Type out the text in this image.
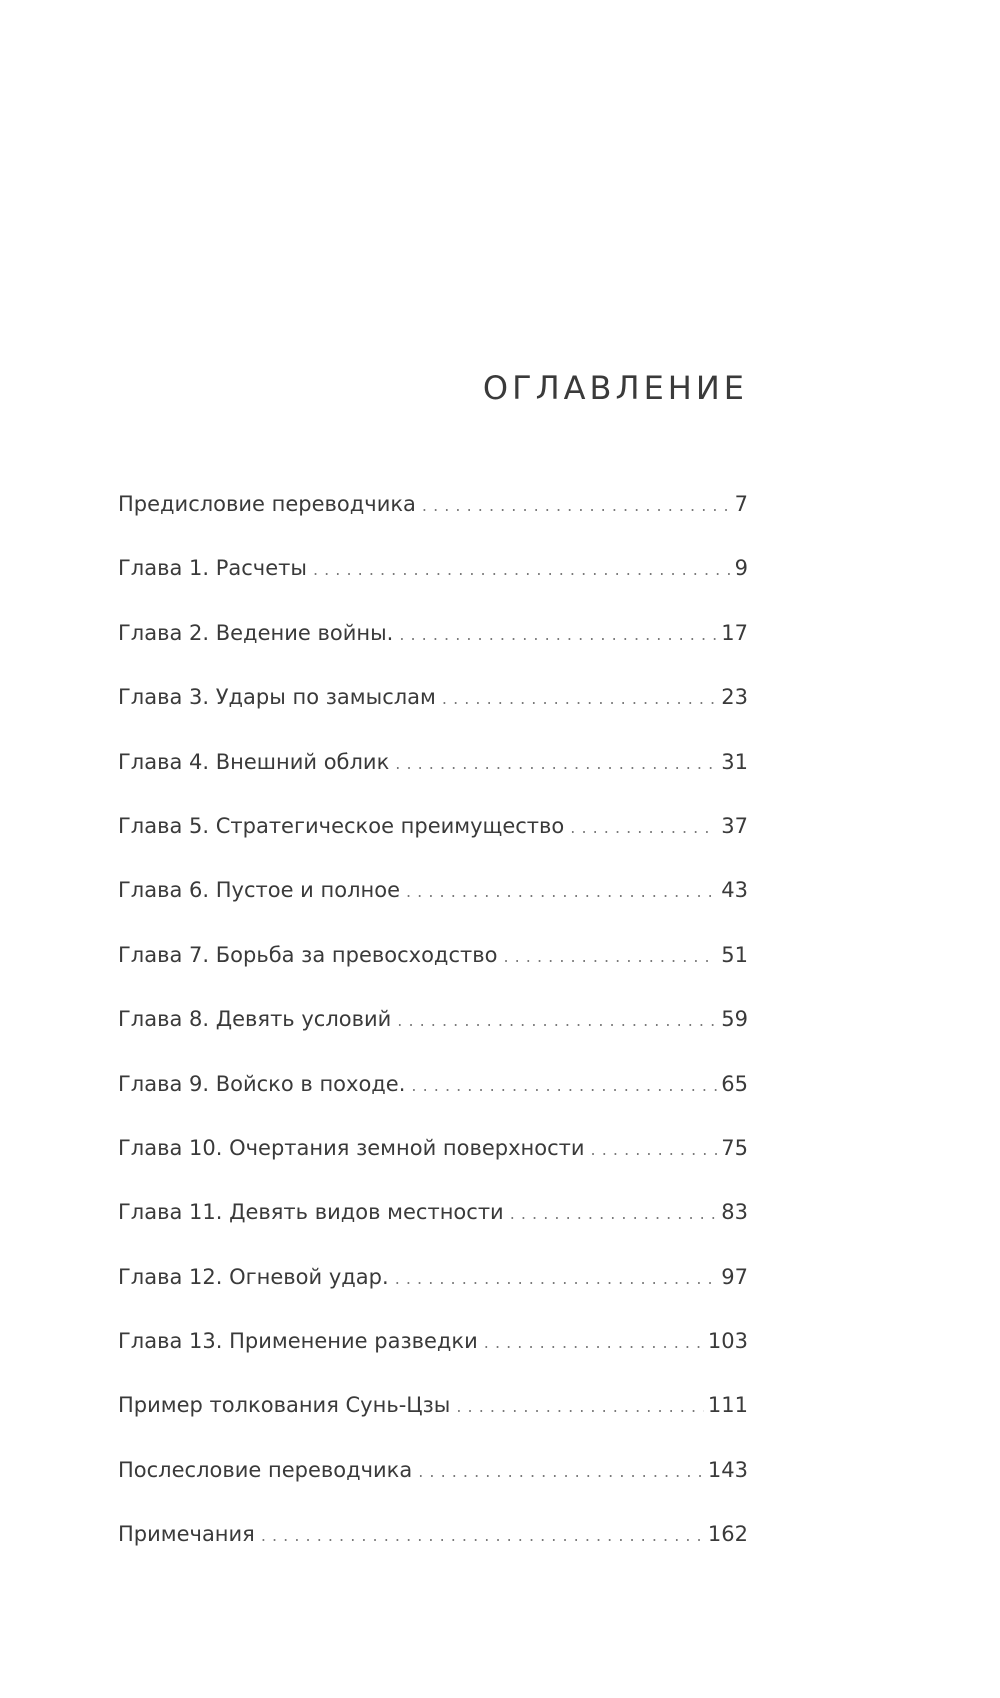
ОГЛАВЛЕНИЕ
Предисловие переводчика . . .	7
Глава 1. Расчеты . . .	9
Глава 2. Ведение войны. . . .	17
Глава 3. Удары по замыслам . . .	23
Глава 4. Внешний облик . . .	31
Глава 5. Стратегическое преимущество . . .	37
Глава 6. Пустое и полное . . .	43
Глава 7. Борьба за превосходство . . .	51
Глава 8. Девять условий . . .	59
Глава 9. Войско в походе. . . .	65
Глава 10. Очертания земной поверхности . . .	75
Глава 11. Девять видов местности . . .	83
Глава 12. Огневой удар. . . .	97
Глава 13. Применение разведки . . .	103
Пример толкования Сунь-Цзы . . .	111
Послесловие переводчика . . .	143
Примечания . . .	162
